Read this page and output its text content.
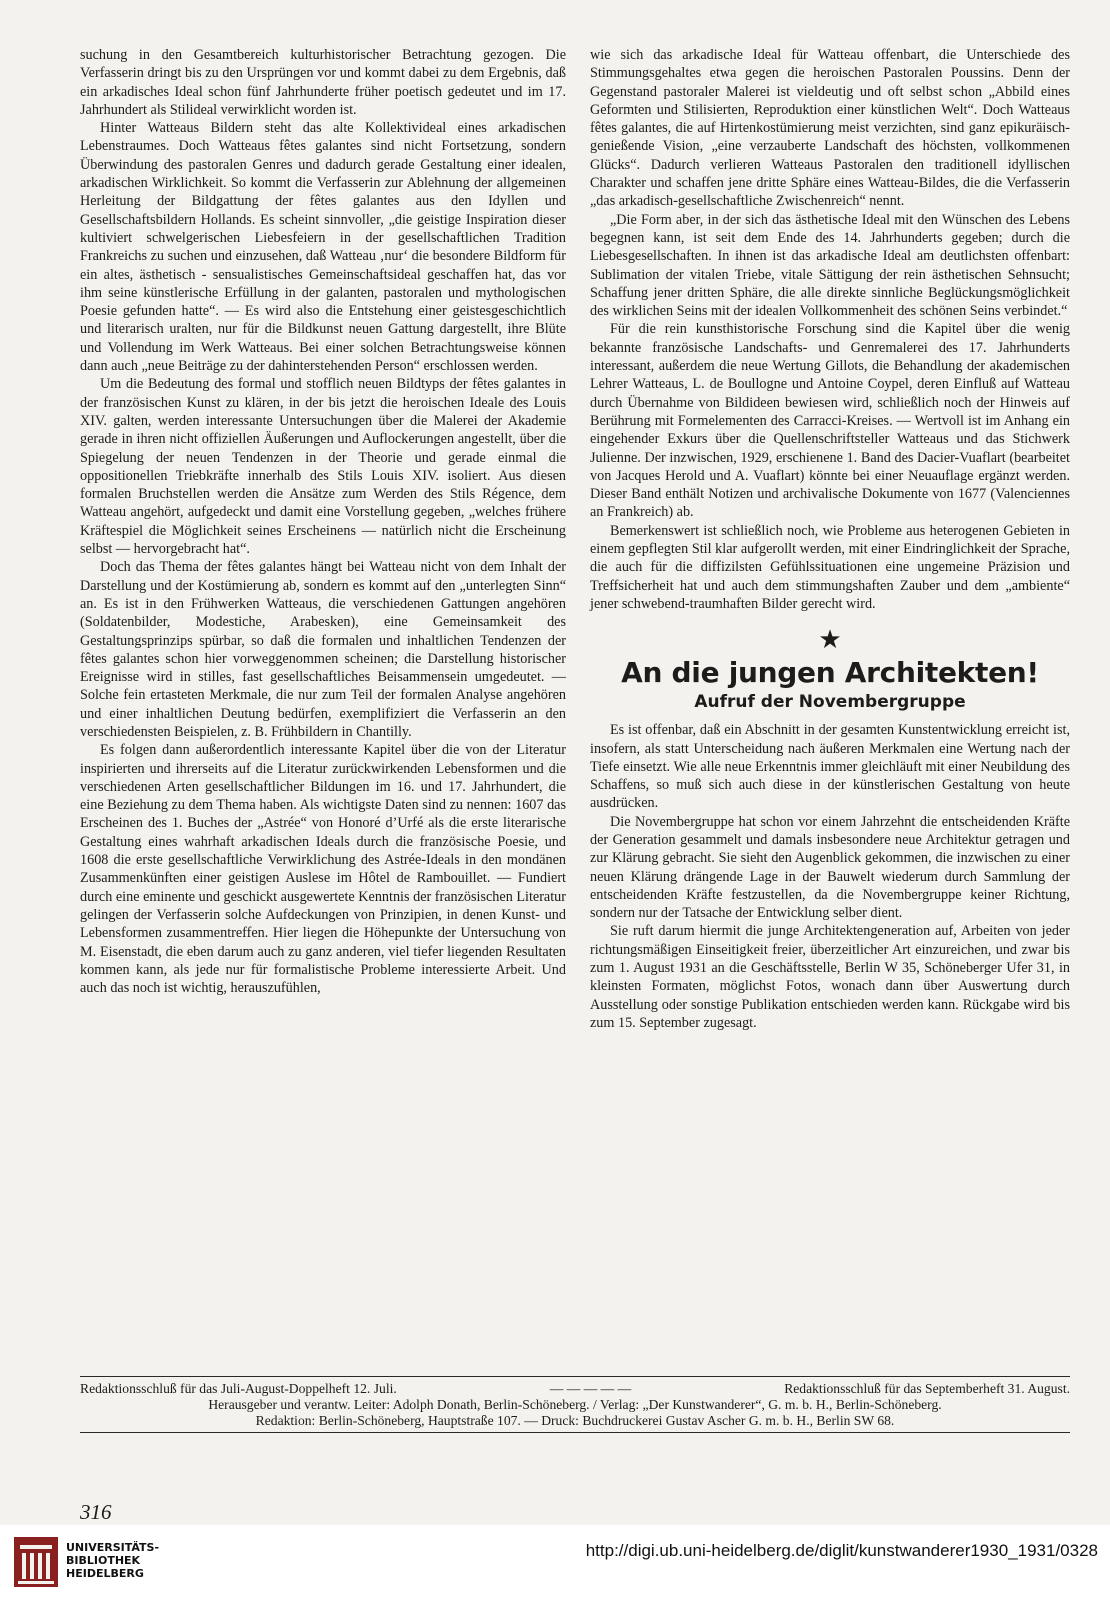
suchung in den Gesamtbereich kulturhistorischer Betrachtung gezogen. Die Verfasserin dringt bis zu den Ursprüngen vor und kommt dabei zu dem Ergebnis, daß ein arkadisches Ideal schon fünf Jahrhunderte früher poetisch gedeutet und im 17. Jahrhundert als Stilideal verwirklicht worden ist.

Hinter Watteaus Bildern steht das alte Kollektivideal eines arkadischen Lebenstraumes. Doch Watteaus fêtes galantes sind nicht Fortsetzung, sondern Überwindung des pastoralen Genres und dadurch gerade Gestaltung einer idealen, arkadischen Wirklichkeit. So kommt die Verfasserin zur Ablehnung der allgemeinen Herleitung der Bildgattung der fêtes galantes aus den Idyllen und Gesellschaftsbildern Hollands. Es scheint sinnvoller, „die geistige Inspiration dieser kultiviert schwelgerischen Liebesfeiern in der gesellschaftlichen Tradition Frankreichs zu suchen und einzusehen, daß Watteau ‚nur‘ die besondere Bildform für ein altes, ästhetisch - sensualistisches Gemeinschaftsideal geschaffen hat, das vor ihm seine künstlerische Erfüllung in der galanten, pastoralen und mythologischen Poesie gefunden hatte“. — Es wird also die Entstehung einer geistesgeschichtlich und literarisch uralten, nur für die Bildkunst neuen Gattung dargestellt, ihre Blüte und Vollendung im Werk Watteaus. Bei einer solchen Betrachtungsweise können dann auch „neue Beiträge zu der dahinterstehenden Person“ erschlossen werden.

Um die Bedeutung des formal und stofflich neuen Bildtyps der fêtes galantes in der französischen Kunst zu klären, in der bis jetzt die heroischen Ideale des Louis XIV. galten, werden interessante Untersuchungen über die Malerei der Akademie gerade in ihren nicht offiziellen Äußerungen und Auflockerungen angestellt, über die Spiegelung der neuen Tendenzen in der Theorie und gerade einmal die oppositionellen Triebkräfte innerhalb des Stils Louis XIV. isoliert. Aus diesen formalen Bruchstellen werden die Ansätze zum Werden des Stils Régence, dem Watteau angehört, aufgedeckt und damit eine Vorstellung gegeben, „welches frühere Kräftespiel die Möglichkeit seines Erscheinens — natürlich nicht die Erscheinung selbst — hervorgebracht hat“.

Doch das Thema der fêtes galantes hängt bei Watteau nicht von dem Inhalt der Darstellung und der Kostümierung ab, sondern es kommt auf den „unterlegten Sinn“ an. Es ist in den Frühwerken Watteaus, die verschiedenen Gattungen angehören (Soldatenbilder, Modestiche, Arabesken), eine Gemeinsamkeit des Gestaltungsprinzips spürbar, so daß die formalen und inhaltlichen Tendenzen der fêtes galantes schon hier vorweggenommen scheinen; die Darstellung historischer Ereignisse wird in stilles, fast gesellschaftliches Beisammensein umgedeutet. — Solche fein ertasteten Merkmale, die nur zum Teil der formalen Analyse angehören und einer inhaltlichen Deutung bedürfen, exemplifiziert die Verfasserin an den verschiedensten Beispielen, z. B. Frühbildern in Chantilly.

Es folgen dann außerordentlich interessante Kapitel über die von der Literatur inspirierten und ihrerseits auf die Literatur zurückwirkenden Lebensformen und die verschiedenen Arten gesellschaftlicher Bildungen im 16. und 17. Jahrhundert, die eine Beziehung zu dem Thema haben. Als wichtigste Daten sind zu nennen: 1607 das Erscheinen des 1. Buches der „Astrée“ von Honoré d’Urfé als die erste literarische Gestaltung eines wahrhaft arkadischen Ideals durch die französische Poesie, und 1608 die erste gesellschaftliche Verwirklichung des Astrée-Ideals in den mondänen Zusammenkünften einer geistigen Auslese im Hôtel de Rambouillet. — Fundiert durch eine eminente und geschickt ausgewertete Kenntnis der französischen Literatur gelingen der Verfasserin solche Aufdeckungen von Prinzipien, in denen Kunst- und Lebensformen zusammentreffen. Hier liegen die Höhepunkte der Untersuchung von M. Eisenstadt, die eben darum auch zu ganz anderen, viel tiefer liegenden Resultaten kommen kann, als jede nur für formalistische Probleme interessierte Arbeit. Und auch das noch ist wichtig, herauszufühlen,

wie sich das arkadische Ideal für Watteau offenbart, die Unterschiede des Stimmungsgehaltes etwa gegen die heroischen Pastoralen Poussins. Denn der Gegenstand pastoraler Malerei ist vieldeutig und oft selbst schon „Abbild eines Geformten und Stilisierten, Reproduktion einer künstlichen Welt“. Doch Watteaus fêtes galantes, die auf Hirtenkostümierung meist verzichten, sind ganz epikuräisch-genießende Vision, „eine verzauberte Landschaft des höchsten, vollkommenen Glücks“. Dadurch verlieren Watteaus Pastoralen den traditionell idyllischen Charakter und schaffen jene dritte Sphäre eines Watteau-Bildes, die die Verfasserin „das arkadisch-gesellschaftliche Zwischenreich“ nennt.

„Die Form aber, in der sich das ästhetische Ideal mit den Wünschen des Lebens begegnen kann, ist seit dem Ende des 14. Jahrhunderts gegeben; durch die Liebesgesellschaften. In ihnen ist das arkadische Ideal am deutlichsten offenbart: Sublimation der vitalen Triebe, vitale Sättigung der rein ästhetischen Sehnsucht; Schaffung jener dritten Sphäre, die alle direkte sinnliche Beglückungsmöglichkeit des wirklichen Seins mit der idealen Vollkommenheit des schönen Seins verbindet.“

Für die rein kunsthistorische Forschung sind die Kapitel über die wenig bekannte französische Landschafts- und Genremalerei des 17. Jahrhunderts interessant, außerdem die neue Wertung Gillots, die Behandlung der akademischen Lehrer Watteaus, L. de Boullogne und Antoine Coypel, deren Einfluß auf Watteau durch Übernahme von Bildideen bewiesen wird, schließlich noch der Hinweis auf Berührung mit Formelementen des Carracci-Kreises. — Wertvoll ist im Anhang ein eingehender Exkurs über die Quellenschriftsteller Watteaus und das Stichwerk Julienne. Der inzwischen, 1929, erschienene 1. Band des Dacier-Vuaflart (bearbeitet von Jacques Herold und A. Vuaflart) könnte bei einer Neuauflage ergänzt werden. Dieser Band enthält Notizen und archivalische Dokumente von 1677 (Valenciennes an Frankreich) ab.

Bemerkenswert ist schließlich noch, wie Probleme aus heterogenen Gebieten in einem gepflegten Stil klar aufgerollt werden, mit einer Eindringlichkeit der Sprache, die auch für die diffizilsten Gefühlssituationen eine ungemeine Präzision und Treffsicherheit hat und auch dem stimmungshaften Zauber und dem „ambiente“ jener schwebend-traumhaften Bilder gerecht wird.

★
An die jungen Architekten!
Aufruf der Novembergruppe

Es ist offenbar, daß ein Abschnitt in der gesamten Kunstentwicklung erreicht ist, insofern, als statt Unterscheidung nach äußeren Merkmalen eine Wertung nach der Tiefe einsetzt. Wie alle neue Erkenntnis immer gleichläuft mit einer Neubildung des Schaffens, so muß sich auch diese in der künstlerischen Gestaltung von heute ausdrücken.

Die Novembergruppe hat schon vor einem Jahrzehnt die entscheidenden Kräfte der Generation gesammelt und damals insbesondere neue Architektur getragen und zur Klärung gebracht. Sie sieht den Augenblick gekommen, die inzwischen zu einer neuen Klärung drängende Lage in der Bauwelt wiederum durch Sammlung der entscheidenden Kräfte festzustellen, da die Novembergruppe keiner Richtung, sondern nur der Tatsache der Entwicklung selber dient.

Sie ruft darum hiermit die junge Architektengeneration auf, Arbeiten von jeder richtungsmäßigen Einseitigkeit freier, überzeitlicher Art einzureichen, und zwar bis zum 1. August 1931 an die Geschäftsstelle, Berlin W 35, Schöneberger Ufer 31, in kleinsten Formaten, möglichst Fotos, wonach dann über Auswertung durch Ausstellung oder sonstige Publikation entschieden werden kann. Rückgabe wird bis zum 15. September zugesagt.

Redaktionsschluß für das Juli-August-Doppelheft 12. Juli.	— — — — —	Redaktionsschluß für das Septemberheft 31. August.
Herausgeber und verantw. Leiter: Adolph Donath, Berlin-Schöneberg. / Verlag: „Der Kunstwanderer“, G. m. b. H., Berlin-Schöneberg.
Redaktion: Berlin-Schöneberg, Hauptstraße 107. — Druck: Buchdruckerei Gustav Ascher G. m. b. H., Berlin SW 68.
316
UNIVERSITÄTS-
BIBLIOTHEK
HEIDELBERG
http://digi.ub.uni-heidelberg.de/diglit/kunstwanderer1930_1931/0328
